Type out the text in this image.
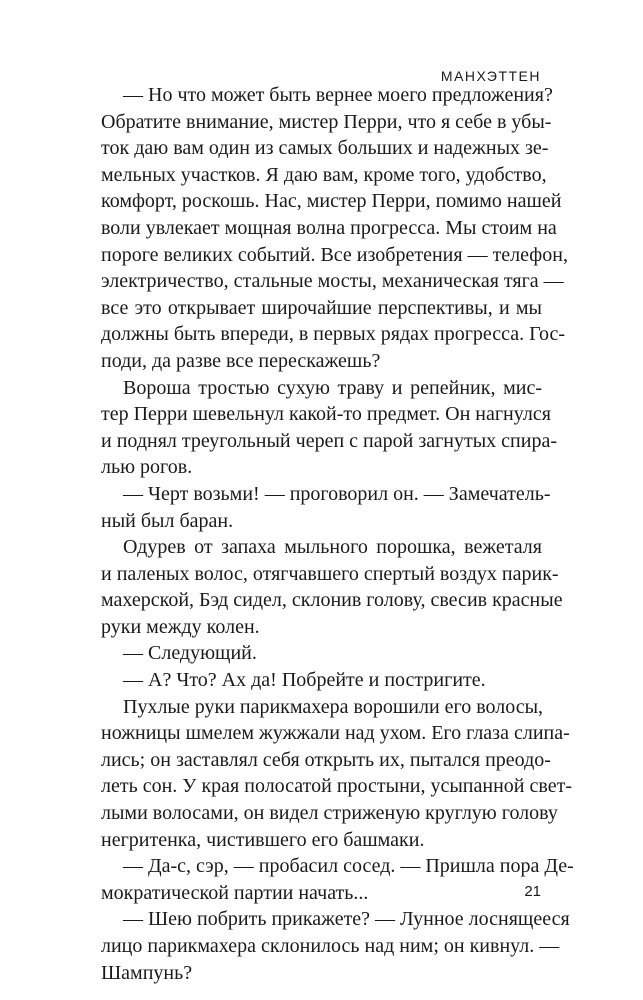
МАНХЭТТЕН
— Но что может быть вернее моего предложения?
Обратите внимание, мистер Перри, что я себе в убы-
ток даю вам один из самых больших и надежных зе-
мельных участков. Я даю вам, кроме того, удобство,
комфорт, роскошь. Нас, мистер Перри, помимо нашей
воли увлекает мощная волна прогресса. Мы стоим на
пороге великих событий. Все изобретения — телефон,
электричество, стальные мосты, механическая тяга —
все это открывает широчайшие перспективы, и мы
должны быть впереди, в первых рядах прогресса. Гос-
поди, да разве все перескажешь?
Вороша тростью сухую траву и репейник, мис-
тер Перри шевельнул какой-то предмет. Он нагнулся
и поднял треугольный череп с парой загнутых спира-
лью рогов.
— Черт возьми! — проговорил он. — Замечатель-
ный был баран.
Одурев от запаха мыльного порошка, вежеталя
и паленых волос, отягчавшего спертый воздух парик-
махерской, Бэд сидел, склонив голову, свесив красные
руки между колен.
— Следующий.
— А? Что? Ах да! Побрейте и постригите.
Пухлые руки парикмахера ворошили его волосы,
ножницы шмелем жужжали над ухом. Его глаза слипа-
лись; он заставлял себя открыть их, пытался преодо-
леть сон. У края полосатой простыни, усыпанной свет-
лыми волосами, он видел стриженую круглую голову
негритенка, чистившего его башмаки.
— Да-с, сэр, — пробасил сосед. — Пришла пора Де-
мократической партии начать...
— Шею побрить прикажете? — Лунное лоснящееся
лицо парикмахера склонилось над ним; он кивнул. —
Шампунь?
21
